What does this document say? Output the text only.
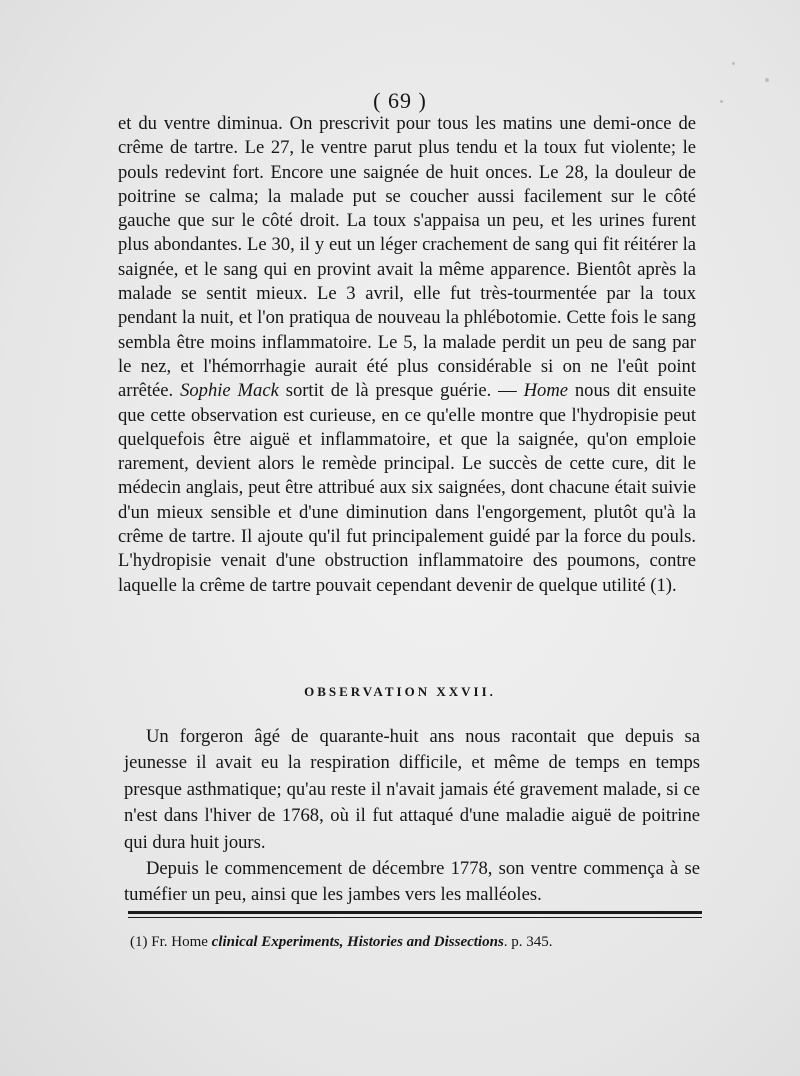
( 69 )

et du ventre diminua. On prescrivit pour tous les matins une demi-once de crême de tartre. Le 27, le ventre parut plus tendu et la toux fut violente; le pouls redevint fort. Encore une saignée de huit onces. Le 28, la douleur de poitrine se calma; la malade put se coucher aussi facilement sur le côté gauche que sur le côté droit. La toux s'appaisa un peu, et les urines furent plus abondantes. Le 30, il y eut un léger crachement de sang qui fit réitérer la saignée, et le sang qui en provint avait la même apparence. Bientôt après la malade se sentit mieux. Le 3 avril, elle fut très-tourmentée par la toux pendant la nuit, et l'on pratiqua de nouveau la phlébotomie. Cette fois le sang sembla être moins inflammatoire. Le 5, la malade perdit un peu de sang par le nez, et l'hémorrhagie aurait été plus considérable si on ne l'eût point arrêtée. Sophie Mack sortit de là presque guérie. — Home nous dit ensuite que cette observation est curieuse, en ce qu'elle montre que l'hydropisie peut quelquefois être aiguë et inflammatoire, et que la saignée, qu'on emploie rarement, devient alors le remède principal. Le succès de cette cure, dit le médecin anglais, peut être attribué aux six saignées, dont chacune était suivie d'un mieux sensible et d'une diminution dans l'engorgement, plutôt qu'à la crême de tartre. Il ajoute qu'il fut principalement guidé par la force du pouls. L'hydropisie venait d'une obstruction inflammatoire des poumons, contre laquelle la crême de tartre pouvait cependant devenir de quelque utilité (1).

OBSERVATION XXVII.

Un forgeron âgé de quarante-huit ans nous racontait que depuis sa jeunesse il avait eu la respiration difficile, et même de temps en temps presque asthmatique; qu'au reste il n'avait jamais été gravement malade, si ce n'est dans l'hiver de 1768, où il fut attaqué d'une maladie aiguë de poitrine qui dura huit jours.

Depuis le commencement de décembre 1778, son ventre commença à se tuméfier un peu, ainsi que les jambes vers les malléoles.

(1) Fr. Home clinical Experiments, Histories and Dissections. p. 345.
